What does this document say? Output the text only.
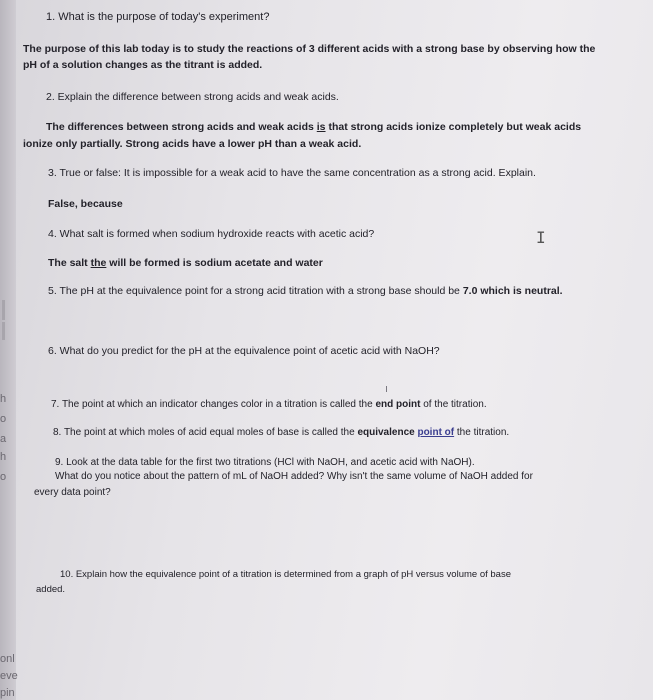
h
o
a
h
o
onl
eve
pin
1. What is the purpose of today's experiment?
The purpose of this lab today is to study the reactions of 3 different acids with a strong base by observing how the
pH of a solution changes as the titrant is added.
2. Explain the difference between strong acids and weak acids.
The differences between strong acids and weak acids is that strong acids ionize completely but weak acids
ionize only partially. Strong acids have a lower pH than a weak acid.
3. True or false: It is impossible for a weak acid to have the same concentration as a strong acid. Explain.
False, because
4. What salt is formed when sodium hydroxide reacts with acetic acid?	I
The salt the will be formed is sodium acetate and water
5. The pH at the equivalence point for a strong acid titration with a strong base should be 7.0 which is neutral.
6. What do you predict for the pH at the equivalence point of acetic acid with NaOH?
7. The point at which an indicator changes color in a titration is called the end point of the titration.
8. The point at which moles of acid equal moles of base is called the equivalence point of the titration.
9. Look at the data table for the first two titrations (HCl with NaOH, and acetic acid with NaOH).
What do you notice about the pattern of mL of NaOH added? Why isn't the same volume of NaOH added for
every data point?
10. Explain how the equivalence point of a titration is determined from a graph of pH versus volume of base
added.
